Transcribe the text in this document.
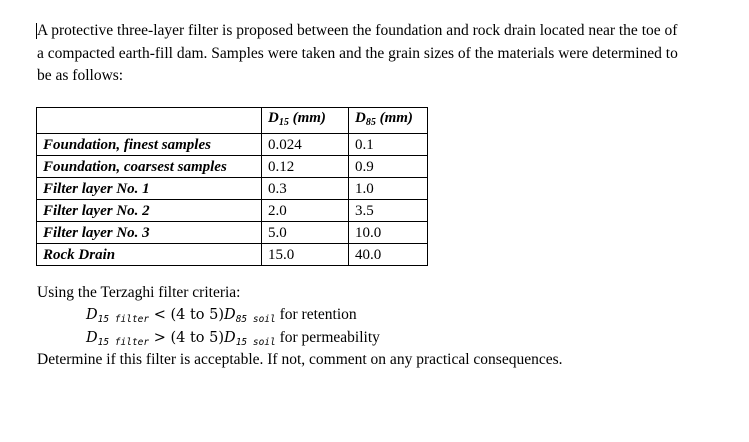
A protective three-layer filter is proposed between the foundation and rock drain located near the toe of
a compacted earth-fill dam. Samples were taken and the grain sizes of the materials were determined to
be as follows:
	$D_{15}$ (mm)	$D_{85}$ (mm)
Foundation, finest samples	0.024	0.1
Foundation, coarsest samples	0.12	0.9
Filter layer No. 1	0.3	1.0
Filter layer No. 2	2.0	3.5
Filter layer No. 3	5.0	10.0
Rock Drain	15.0	40.0
Using the Terzaghi filter criteria:
$D_{15 filter} < (4$ to $5)D_{85 soil}$ for retention
$D_{15 filter} > (4$ to $5)D_{15 soil}$ for permeability
Determine if this filter is acceptable. If not, comment on any practical consequences.
